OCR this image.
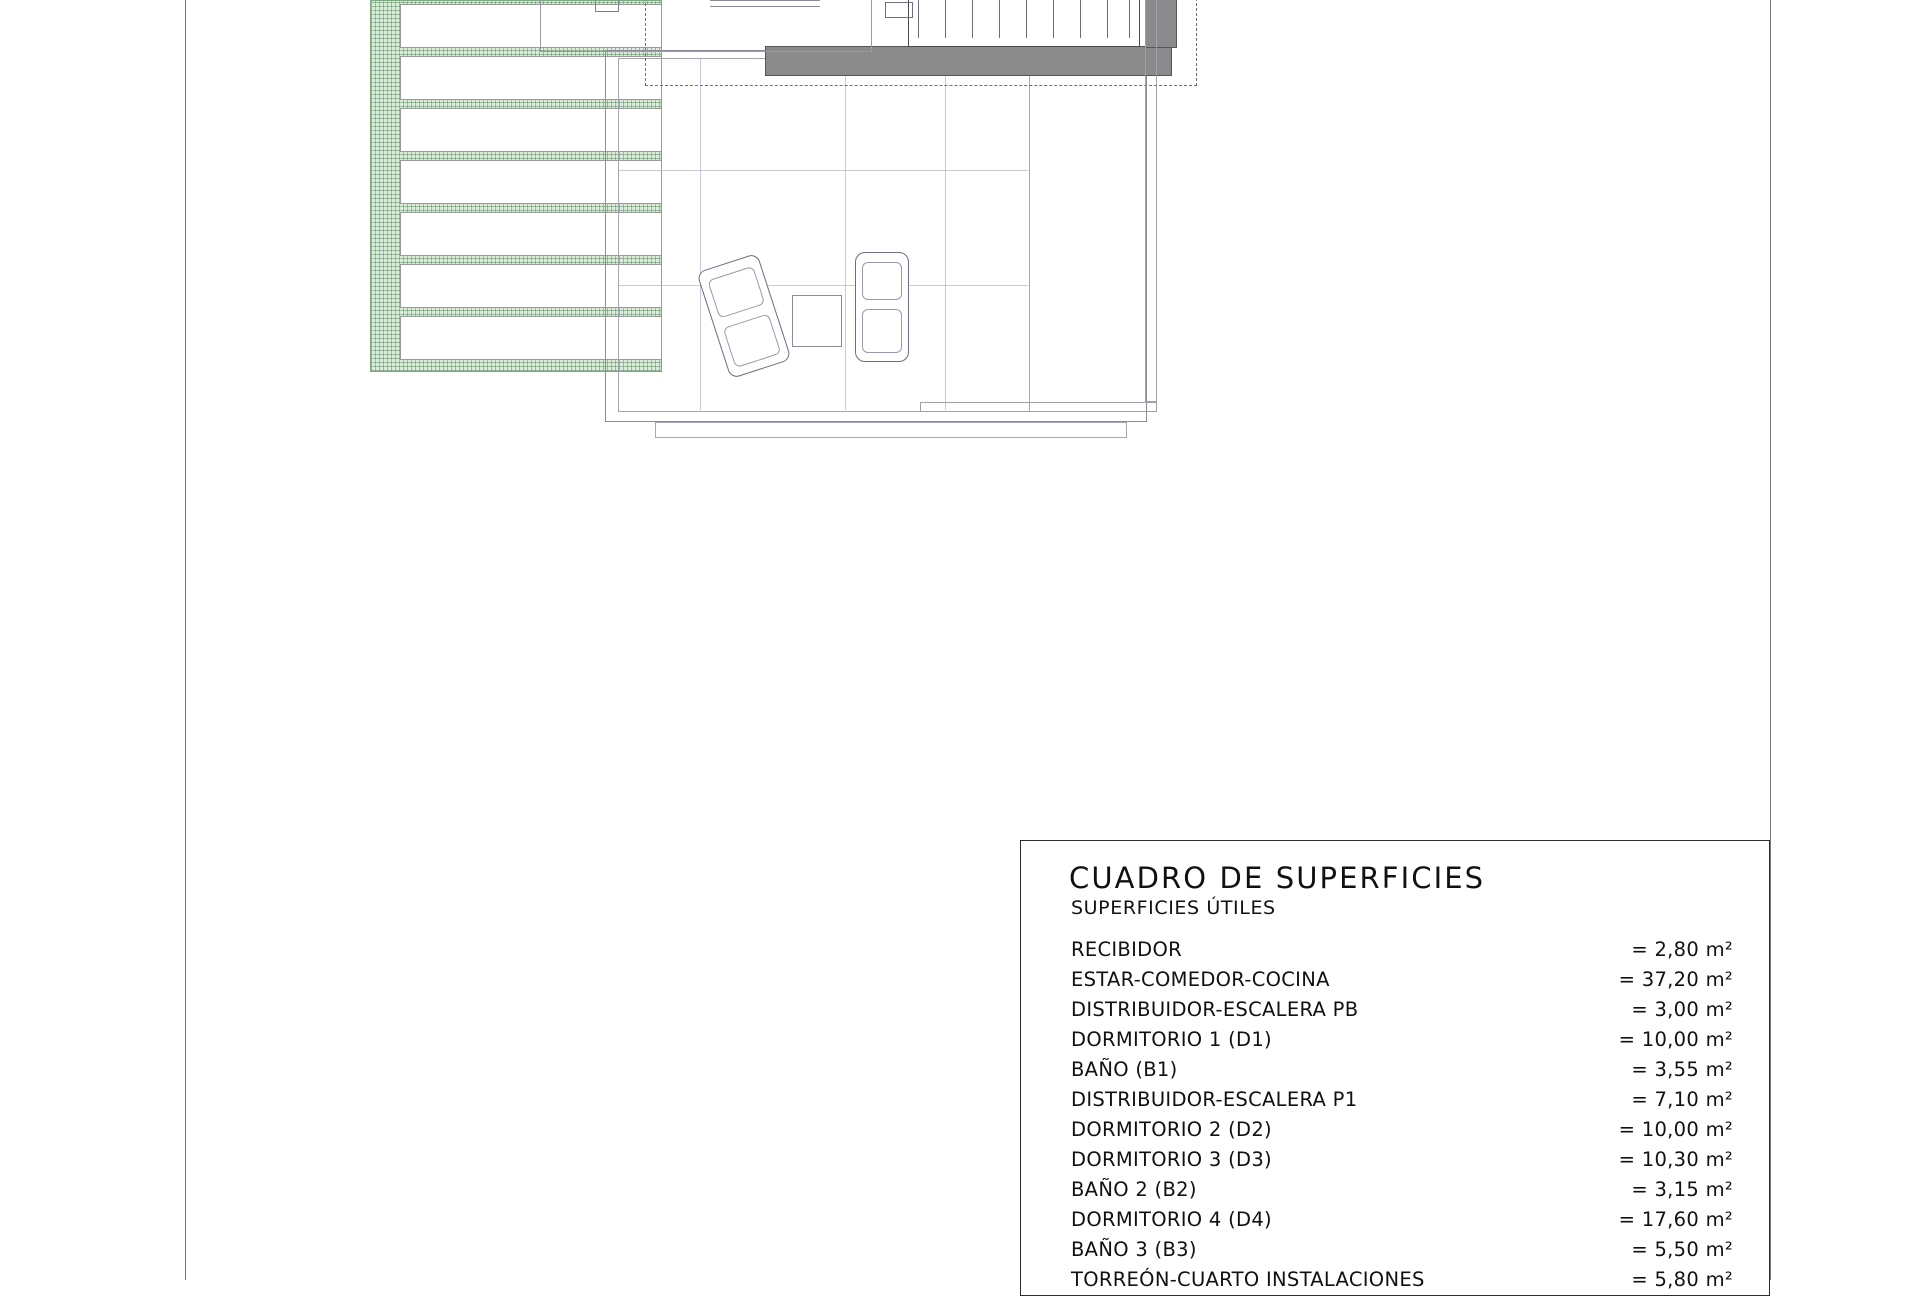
CUADRO DE SUPERFICIES
SUPERFICIES ÚTILES
RECIBIDOR	= 2,80 m²
ESTAR-COMEDOR-COCINA	= 37,20 m²
DISTRIBUIDOR-ESCALERA PB	= 3,00 m²
DORMITORIO 1 (D1)	= 10,00 m²
BAÑO (B1)	= 3,55 m²
DISTRIBUIDOR-ESCALERA P1	= 7,10 m²
DORMITORIO 2 (D2)	= 10,00 m²
DORMITORIO 3 (D3)	= 10,30 m²
BAÑO 2 (B2)	= 3,15 m²
DORMITORIO 4 (D4)	= 17,60 m²
BAÑO 3 (B3)	= 5,50 m²
TORREÓN-CUARTO INSTALACIONES	= 5,80 m²
